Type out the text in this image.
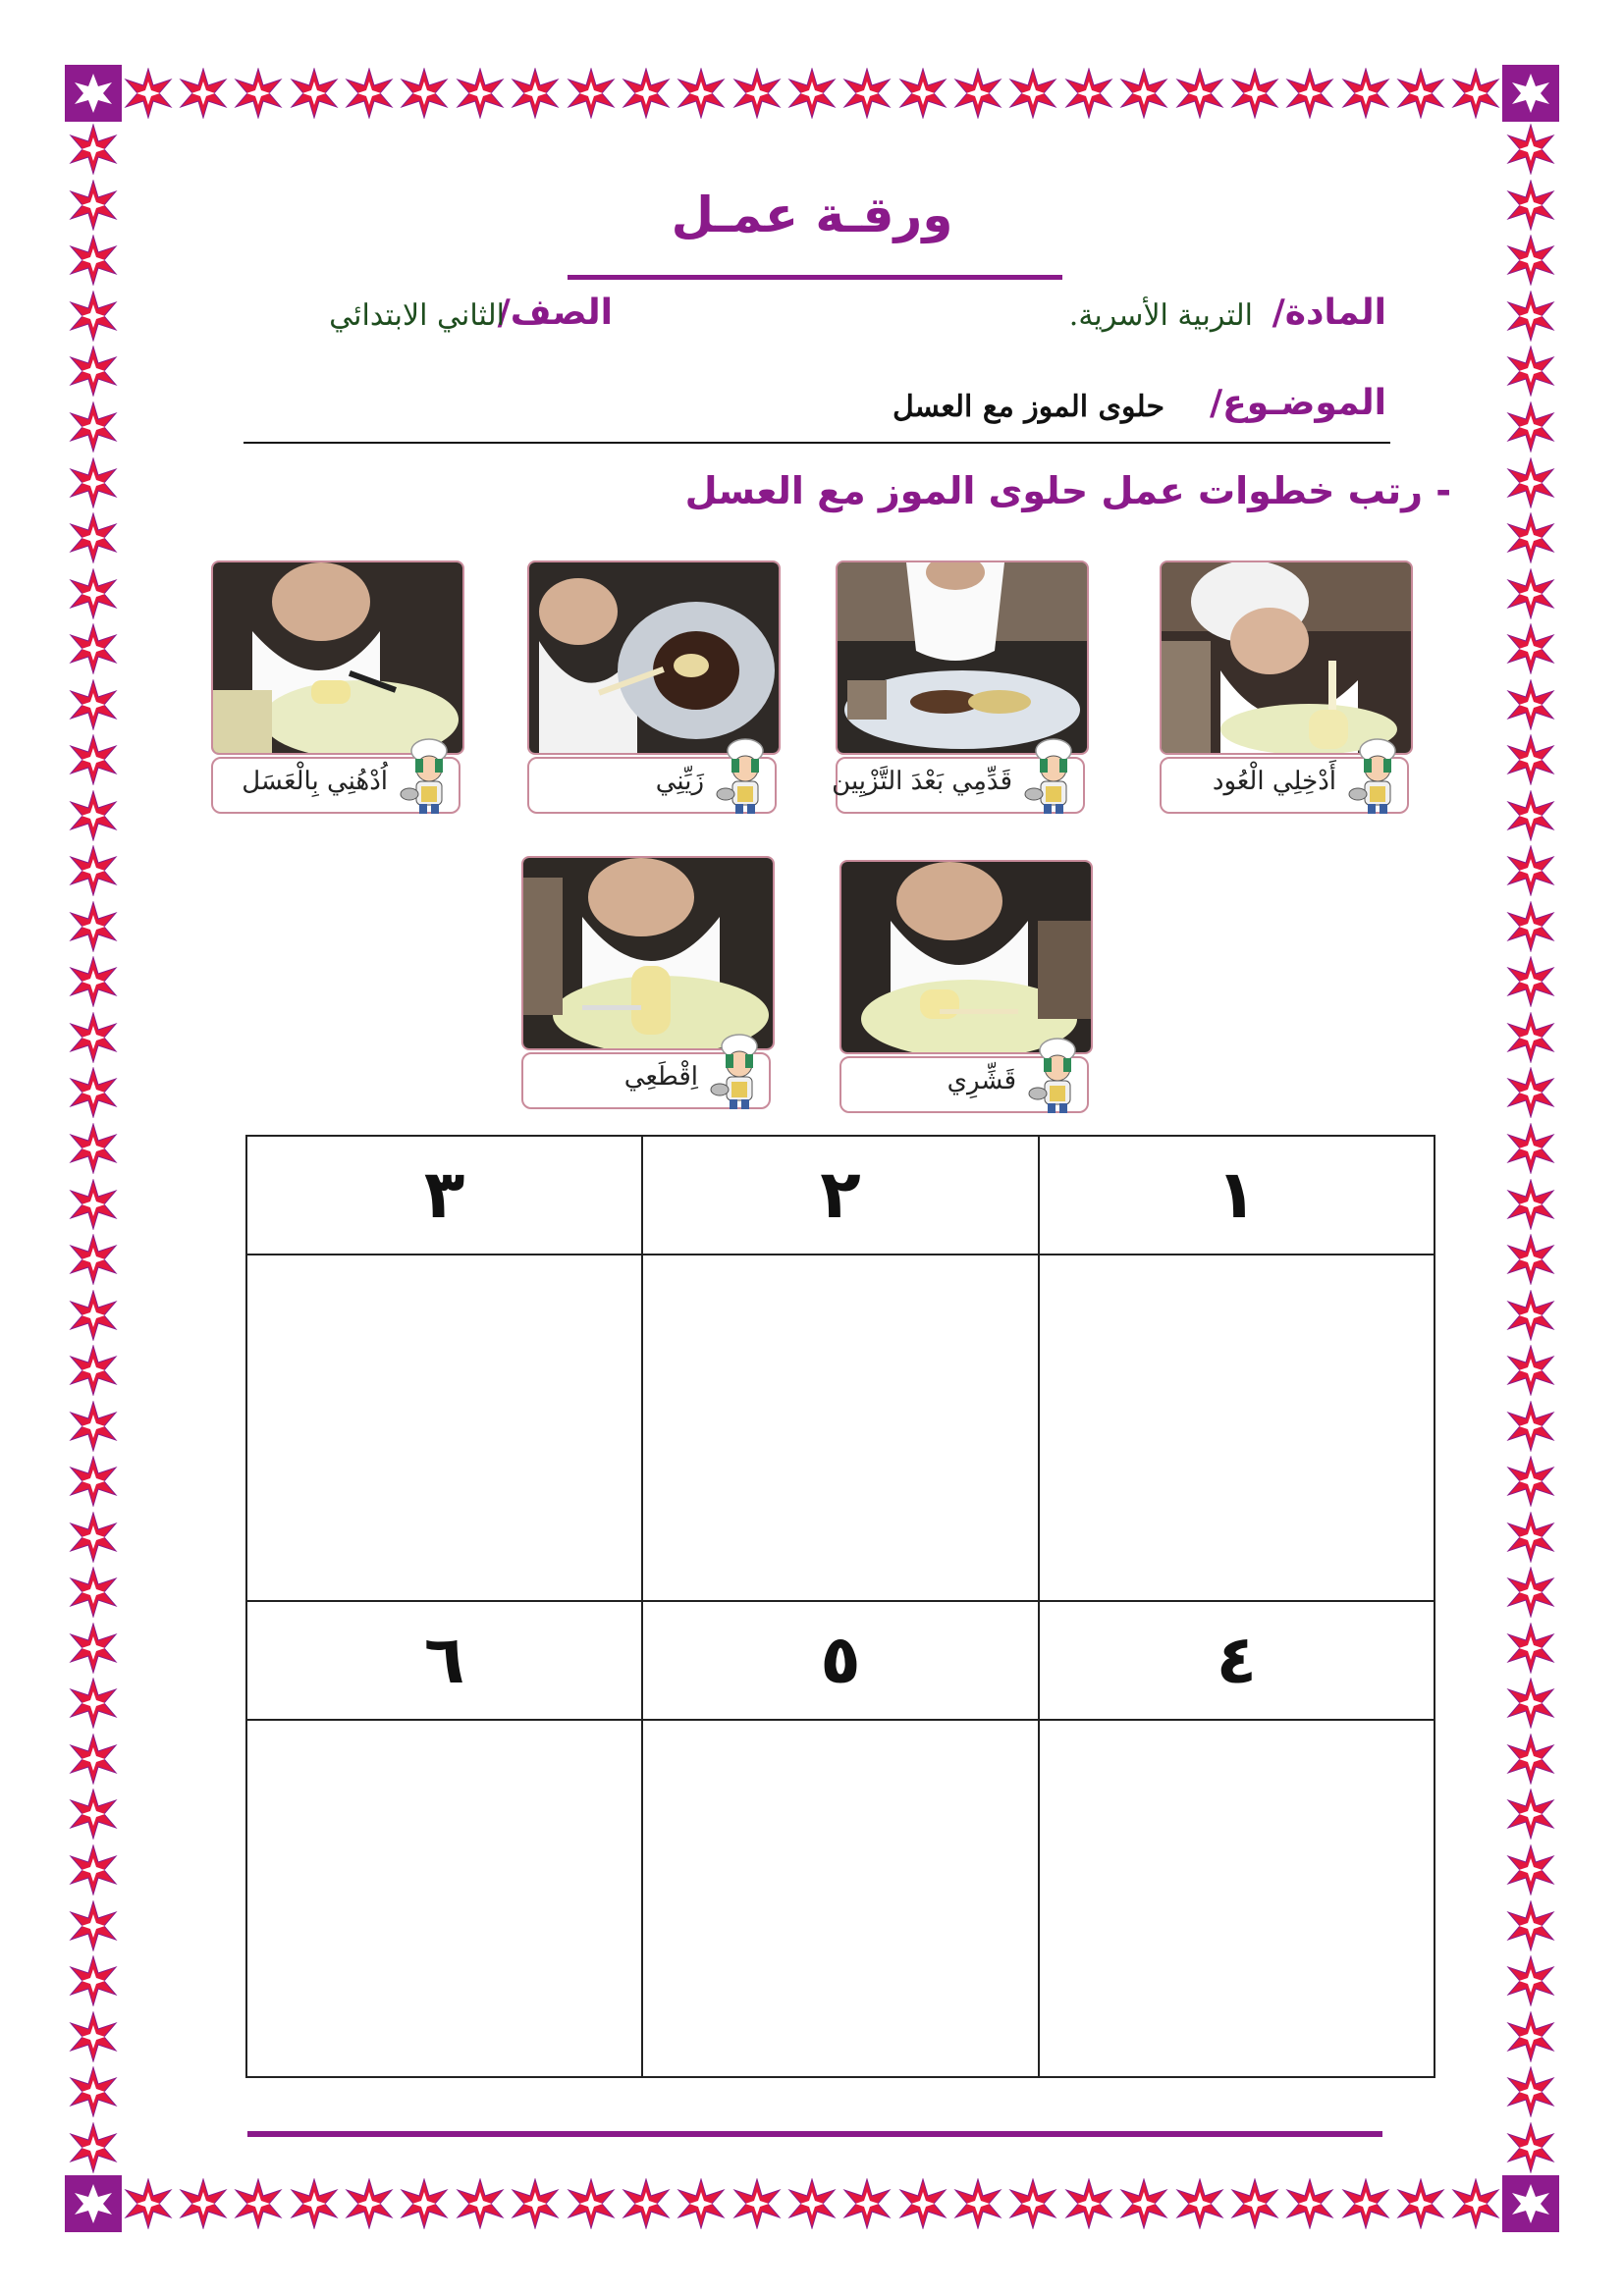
ورقـة عمـل
المادة/
التربية الأسرية.
الصف/
الثاني الابتدائي
الموضـوع/
حلوى الموز مع العسل
- رتب خطوات عمل حلوى الموز مع العسل
أَدْخِلِي الْعُود
قَدِّمِي بَعْدَ التَّزْيِين
زَيِّنِي
اُدْهُنِي بِالْعَسَل
قَشِّرِي
اِقْطَعِي
١	٢	٣

٤	٥	٦
